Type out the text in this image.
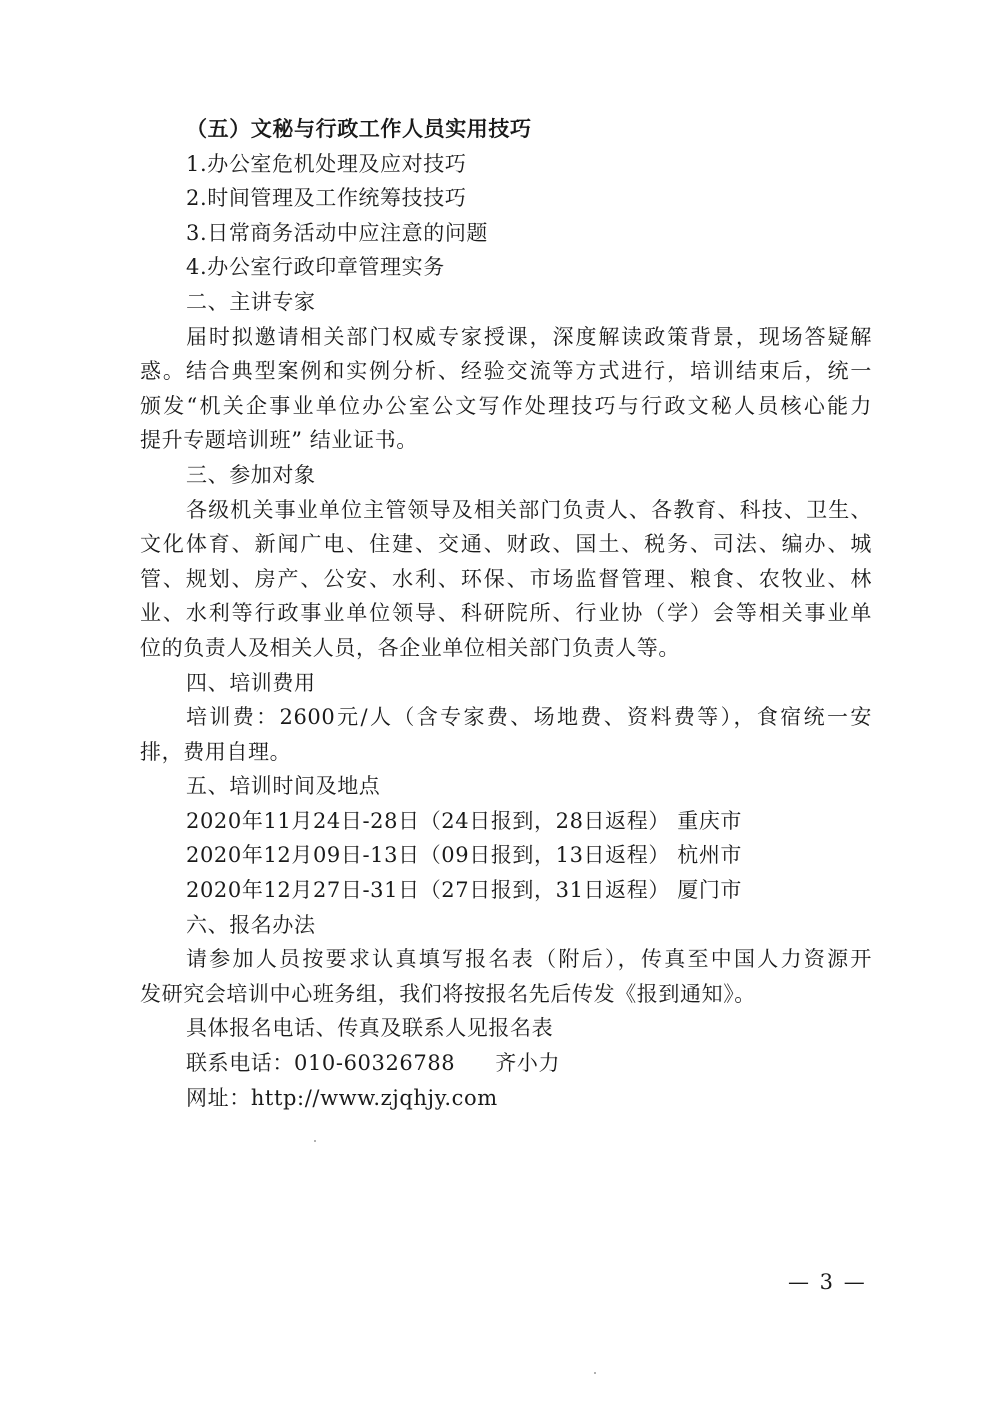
（五）文秘与行政工作人员实用技巧
1.办公室危机处理及应对技巧
2.时间管理及工作统筹技技巧
3.日常商务活动中应注意的问题
4.办公室行政印章管理实务
二、主讲专家
届时拟邀请相关部门权威专家授课，深度解读政策背景，现场答疑解
惑。结合典型案例和实例分析、经验交流等方式进行，培训结束后，统一
颁发“机关企事业单位办公室公文写作处理技巧与行政文秘人员核心能力
提升专题培训班” 结业证书。
三、参加对象
各级机关事业单位主管领导及相关部门负责人、各教育、科技、卫生、
文化体育、新闻广电、住建、交通、财政、国土、税务、司法、编办、城
管、规划、房产、公安、水利、环保、市场监督管理、粮食、农牧业、林
业、水利等行政事业单位领导、科研院所、行业协（学）会等相关事业单
位的负责人及相关人员，各企业单位相关部门负责人等。
四、培训费用
培训费：2600元/人（含专家费、场地费、资料费等），食宿统一安
排，费用自理。
五、培训时间及地点
2020年11月24日-28日（24日报到，28日返程） 重庆市
2020年12月09日-13日（09日报到，13日返程） 杭州市
2020年12月27日-31日（27日报到，31日返程） 厦门市
六、报名办法
请参加人员按要求认真填写报名表（附后），传真至中国人力资源开
发研究会培训中心班务组，我们将按报名先后传发《报到通知》。
具体报名电话、传真及联系人见报名表
联系电话：010-60326788 齐小力
网址：http://www.zjqhjy.com
— 3 —
